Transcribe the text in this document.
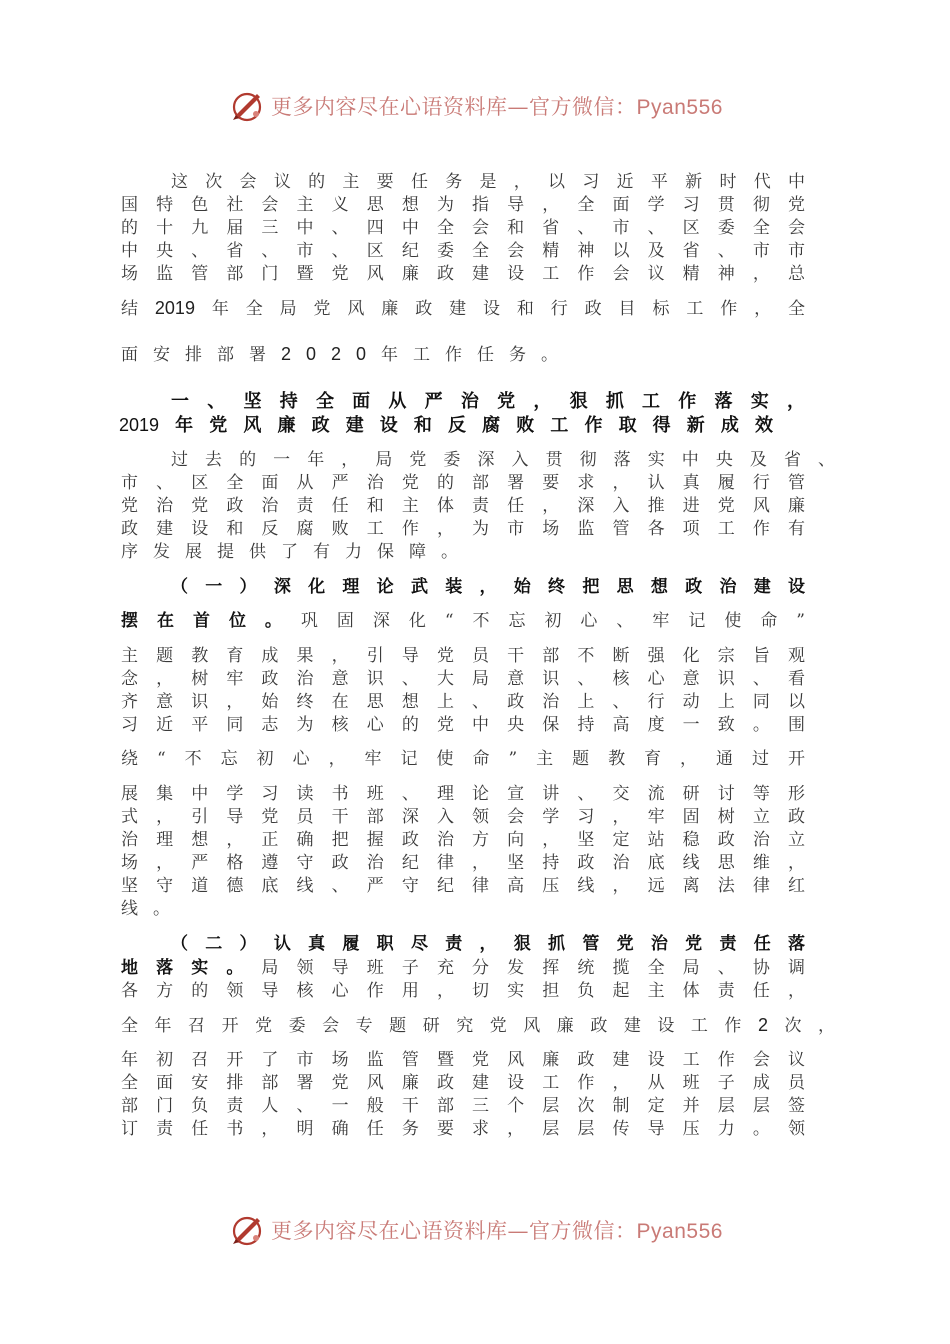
更多内容尽在心语资料库—官方微信：Pyan556
这次会议的主要任务是，以习近平新时代中
国特色社会主义思想为指导，全面学习贯彻党
的十九届三中、四中全会和省、市、区委全会
中央、省、市、区纪委全会精神以及省、市市
场监管部门暨党风廉政建设工作会议精神，总
结2019年全局党风廉政建设和行政目标工作，全
面安排部署2020年工作任务。
一、坚持全面从严治党，狠抓工作落实，
2019年党风廉政建设和反腐败工作取得新成效
过去的一年，局党委深入贯彻落实中央及省、
市、区全面从严治党的部署要求，认真履行管
党治党政治责任和主体责任，深入推进党风廉
政建设和反腐败工作，为市场监管各项工作有
序发展提供了有力保障。
（一）深化理论武装，始终把思想政治建设
摆在首位。巩固深化“不忘初心、牢记使命”
主题教育成果，引导党员干部不断强化宗旨观
念，树牢政治意识、大局意识、核心意识、看
齐意识，始终在思想上、政治上、行动上同以
习近平同志为核心的党中央保持高度一致。围
绕“不忘初心，牢记使命”主题教育，通过开
展集中学习读书班、理论宣讲、交流研讨等形
式，引导党员干部深入领会学习，牢固树立政
治理想，正确把握政治方向，坚定站稳政治立
场，严格遵守政治纪律，坚持政治底线思维，
坚守道德底线、严守纪律高压线，远离法律红
线。
（二）认真履职尽责，狠抓管党治党责任落
地落实。局领导班子充分发挥统揽全局、协调
各方的领导核心作用，切实担负起主体责任，
全年召开党委会专题研究党风廉政建设工作2次，
年初召开了市场监管暨党风廉政建设工作会议
全面安排部署党风廉政建设工作，从班子成员
部门负责人、一般干部三个层次制定并层层签
订责任书，明确任务要求，层层传导压力。领
更多内容尽在心语资料库—官方微信：Pyan556
